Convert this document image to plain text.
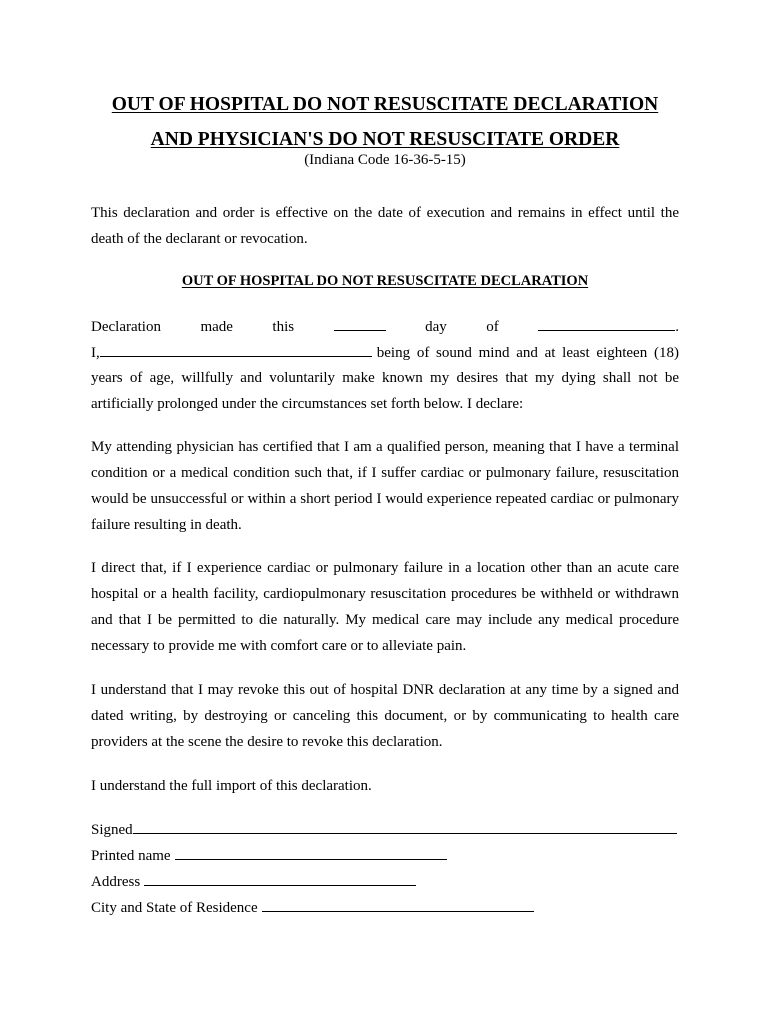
OUT OF HOSPITAL DO NOT RESUSCITATE DECLARATION
AND PHYSICIAN'S DO NOT RESUSCITATE ORDER
(Indiana Code 16-36-5-15)
This declaration and order is effective on the date of execution and remains in effect until the death of the declarant or revocation.
OUT OF HOSPITAL DO NOT RESUSCITATE DECLARATION
Declaration	made	this	day	of	.
I,	being of sound mind and at least eighteen (18)
years of age, willfully and voluntarily make known my desires that my dying shall not be artificially prolonged under the circumstances set forth below. I declare:
My attending physician has certified that I am a qualified person, meaning that I have a terminal condition or a medical condition such that, if I suffer cardiac or pulmonary failure, resuscitation would be unsuccessful or within a short period I would experience repeated cardiac or pulmonary failure resulting in death.
I direct that, if I experience cardiac or pulmonary failure in a location other than an acute care hospital or a health facility, cardiopulmonary resuscitation procedures be withheld or withdrawn and that I be permitted to die naturally. My medical care may include any medical procedure necessary to provide me with comfort care or to alleviate pain.
I understand that I may revoke this out of hospital DNR declaration at any time by a signed and dated writing, by destroying or canceling this document, or by communicating to health care providers at the scene the desire to revoke this declaration.
I understand the full import of this declaration.
Signed
Printed name
Address
City and State of Residence
